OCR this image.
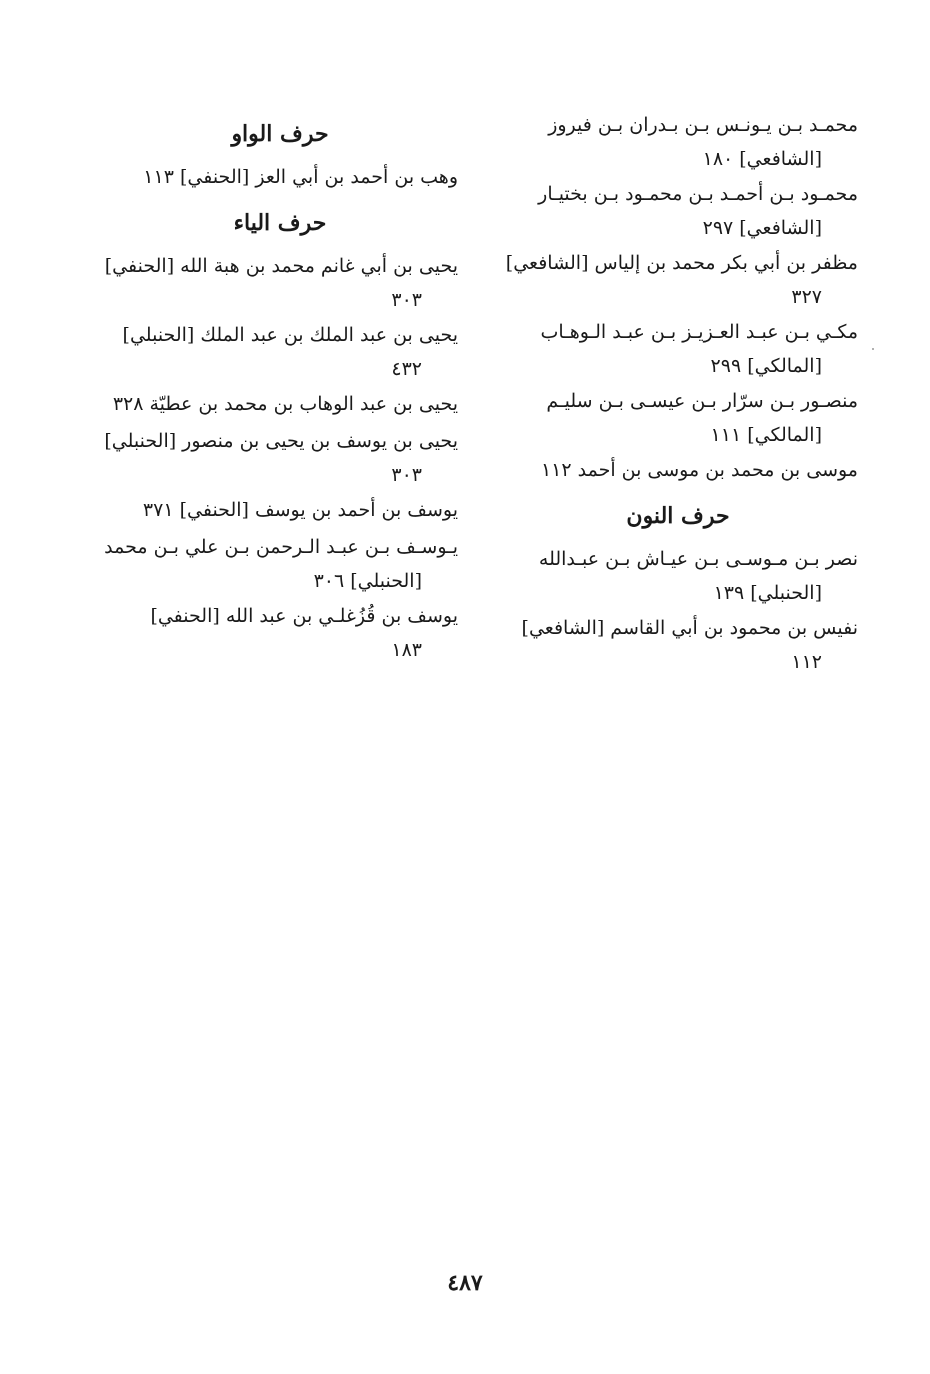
محمـد بـن يـونـس بـن بـدران بـن فيروز
[الشافعي] ١٨٠
محمـود بـن أحمـد بـن محمـود بـن بختيـار
[الشافعي] ٢٩٧
مظفر بن أبي بكر محمد بن إلياس [الشافعي]
٣٢٧
مكـي بـن عبـد العـزيـز بـن عبـد الـوهـاب
[المالكي] ٢٩٩
منصـور بـن سرّار بـن عيسـى بـن سليـم
[المالكي] ١١١
موسى بن محمد بن موسى بن أحمد ١١٢
حرف النون
نصر بـن مـوسـى بـن عيـاش بـن عبـدالله
[الحنبلي] ١٣٩
نفيس بن محمود بن أبي القاسم [الشافعي]
١١٢
حرف الواو
وهب بن أحمد بن أبي العز [الحنفي] ١١٣
حرف الياء
يحيى بن أبي غانم محمد بن هبة الله [الحنفي]
٣٠٣
يحيى بن عبد الملك بن عبد الملك [الحنبلي]
٤٣٢
يحيى بن عبد الوهاب بن محمد بن عطيّة ٣٢٨
يحيى بن يوسف بن يحيى بن منصور [الحنبلي]
٣٠٣
يوسف بن أحمد بن يوسف [الحنفي] ٣٧١
يـوسـف بـن عبـد الـرحمن بـن علي بـن محمد
[الحنبلي] ٣٠٦
يوسف بن قُزُغلـي بن عبد الله [الحنفي]
١٨٣
٤٨٧
